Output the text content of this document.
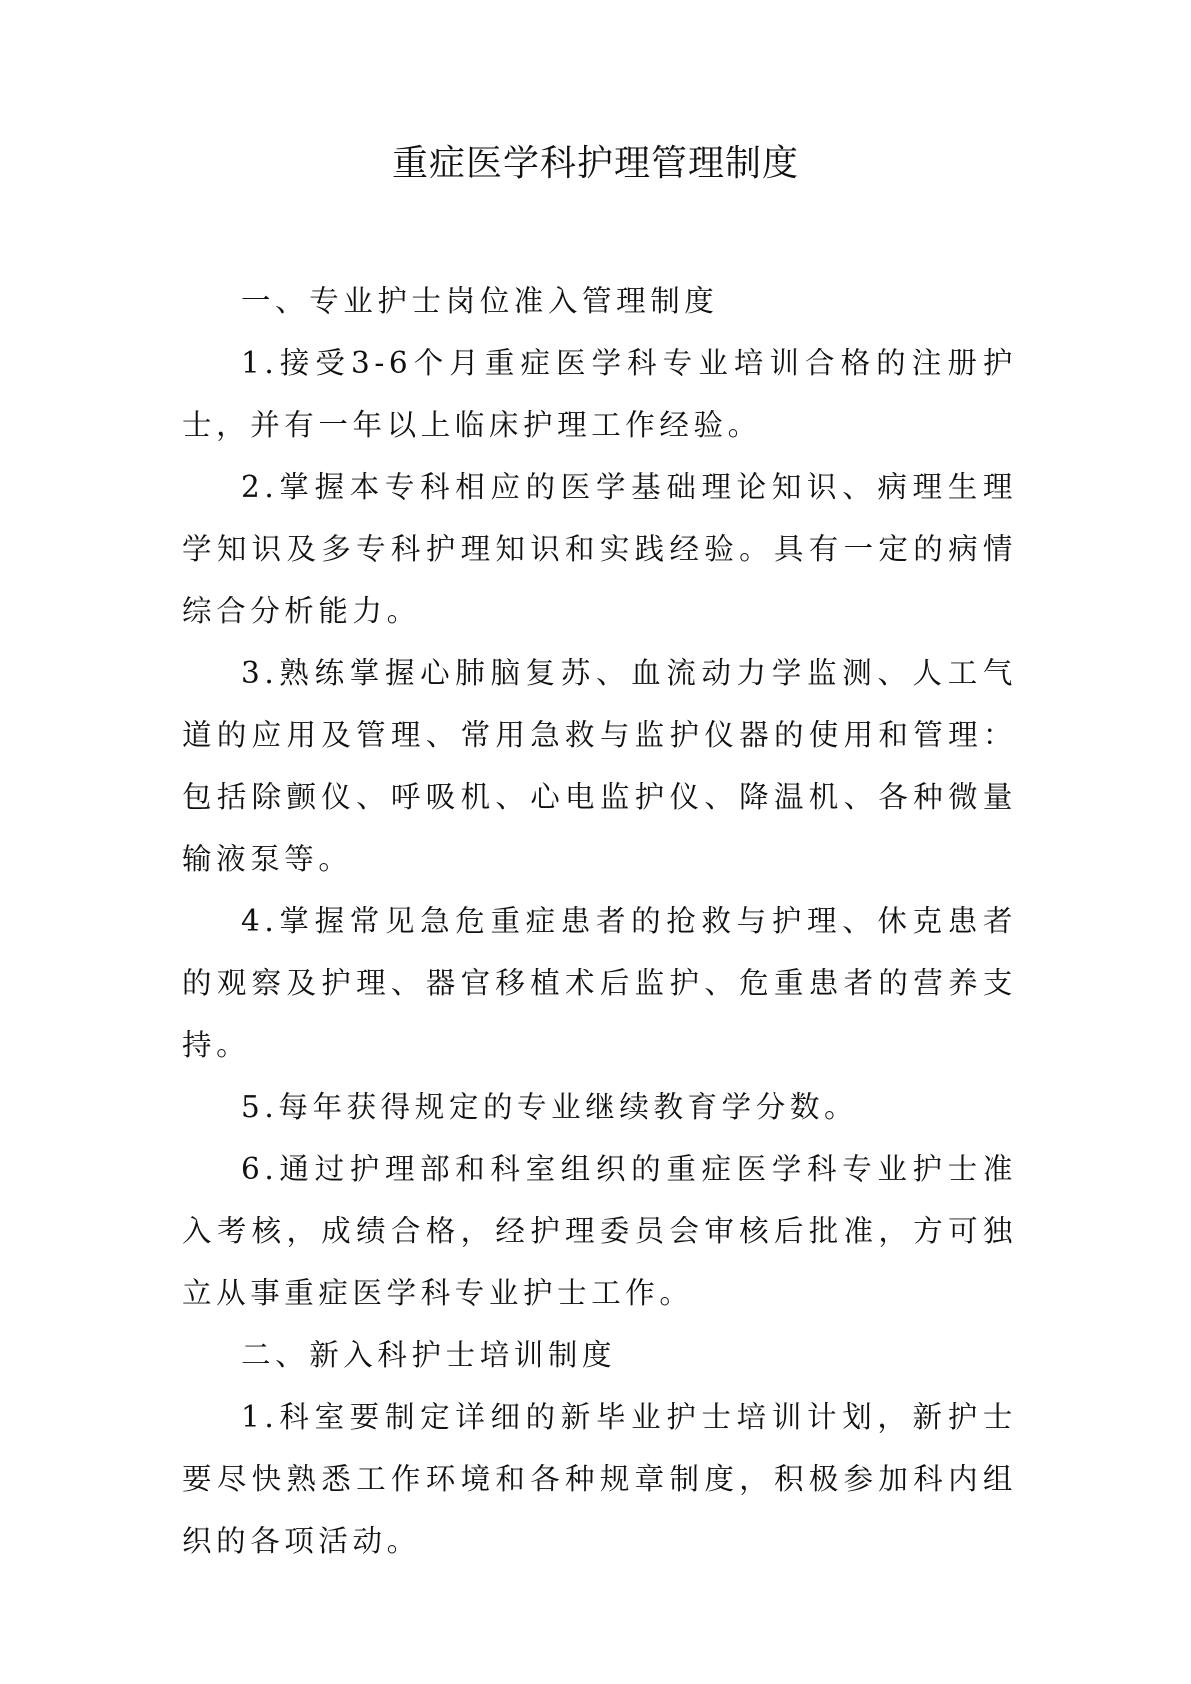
重症医学科护理管理制度

一、专业护士岗位准入管理制度

1.接受3-6个月重症医学科专业培训合格的注册护士，并有一年以上临床护理工作经验。

2.掌握本专科相应的医学基础理论知识、病理生理学知识及多专科护理知识和实践经验。具有一定的病情综合分析能力。

3.熟练掌握心肺脑复苏、血流动力学监测、人工气道的应用及管理、常用急救与监护仪器的使用和管理：包括除颤仪、呼吸机、心电监护仪、降温机、各种微量输液泵等。

4.掌握常见急危重症患者的抢救与护理、休克患者的观察及护理、器官移植术后监护、危重患者的营养支持。

5.每年获得规定的专业继续教育学分数。

6.通过护理部和科室组织的重症医学科专业护士准入考核，成绩合格，经护理委员会审核后批准，方可独立从事重症医学科专业护士工作。

二、新入科护士培训制度

1.科室要制定详细的新毕业护士培训计划，新护士要尽快熟悉工作环境和各种规章制度，积极参加科内组织的各项活动。
